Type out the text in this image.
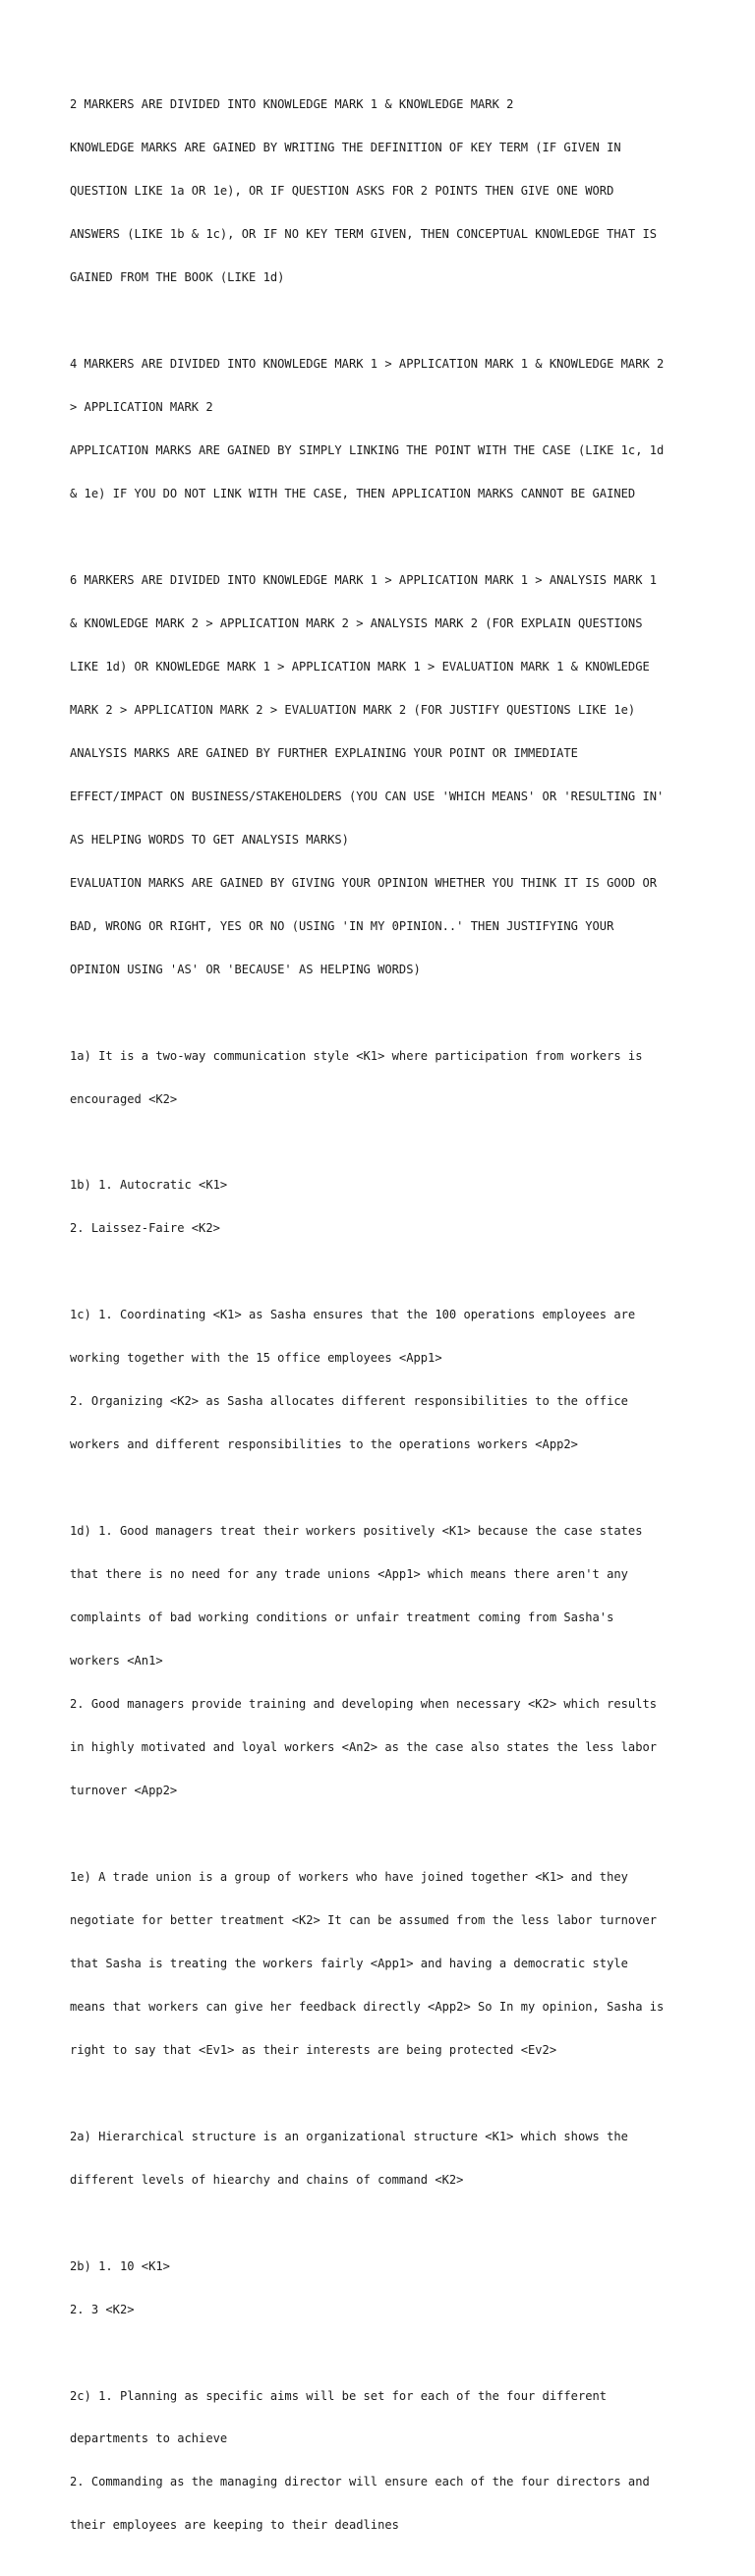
2 MARKERS ARE DIVIDED INTO KNOWLEDGE MARK 1 & KNOWLEDGE MARK 2

KNOWLEDGE MARKS ARE GAINED BY WRITING THE DEFINITION OF KEY TERM (IF GIVEN IN

QUESTION LIKE 1a OR 1e), OR IF QUESTION ASKS FOR 2 POINTS THEN GIVE ONE WORD

ANSWERS (LIKE 1b & 1c), OR IF NO KEY TERM GIVEN, THEN CONCEPTUAL KNOWLEDGE THAT IS

GAINED FROM THE BOOK (LIKE 1d)

4 MARKERS ARE DIVIDED INTO KNOWLEDGE MARK 1 > APPLICATION MARK 1 & KNOWLEDGE MARK 2

> APPLICATION MARK 2

APPLICATION MARKS ARE GAINED BY SIMPLY LINKING THE POINT WITH THE CASE (LIKE 1c, 1d

& 1e) IF YOU DO NOT LINK WITH THE CASE, THEN APPLICATION MARKS CANNOT BE GAINED

6 MARKERS ARE DIVIDED INTO KNOWLEDGE MARK 1 > APPLICATION MARK 1 > ANALYSIS MARK 1

& KNOWLEDGE MARK 2 > APPLICATION MARK 2 > ANALYSIS MARK 2 (FOR EXPLAIN QUESTIONS

LIKE 1d) OR KNOWLEDGE MARK 1 > APPLICATION MARK 1 > EVALUATION MARK 1 & KNOWLEDGE

MARK 2 > APPLICATION MARK 2 > EVALUATION MARK 2 (FOR JUSTIFY QUESTIONS LIKE 1e)

ANALYSIS MARKS ARE GAINED BY FURTHER EXPLAINING YOUR POINT OR IMMEDIATE

EFFECT/IMPACT ON BUSINESS/STAKEHOLDERS (YOU CAN USE 'WHICH MEANS' OR 'RESULTING IN'

AS HELPING WORDS TO GET ANALYSIS MARKS)

EVALUATION MARKS ARE GAINED BY GIVING YOUR OPINION WHETHER YOU THINK IT IS GOOD OR

BAD, WRONG OR RIGHT, YES OR NO (USING 'IN MY 0PINION..' THEN JUSTIFYING YOUR

OPINION USING 'AS' OR 'BECAUSE' AS HELPING WORDS)

1a) It is a two-way communication style <K1> where participation from workers is

encouraged <K2>

1b) 1. Autocratic <K1>

2. Laissez-Faire <K2>

1c) 1. Coordinating <K1> as Sasha ensures that the 100 operations employees are

working together with the 15 office employees <App1>

2. Organizing <K2> as Sasha allocates different responsibilities to the office

workers and different responsibilities to the operations workers <App2>

1d) 1. Good managers treat their workers positively <K1> because the case states

that there is no need for any trade unions <App1> which means there aren't any

complaints of bad working conditions or unfair treatment coming from Sasha's

workers <An1>

2. Good managers provide training and developing when necessary <K2> which results

in highly motivated and loyal workers <An2> as the case also states the less labor

turnover <App2>

1e) A trade union is a group of workers who have joined together <K1> and they

negotiate for better treatment <K2> It can be assumed from the less labor turnover

that Sasha is treating the workers fairly <App1> and having a democratic style

means that workers can give her feedback directly <App2> So In my opinion, Sasha is

right to say that <Ev1> as their interests are being protected <Ev2>

2a) Hierarchical structure is an organizational structure <K1> which shows the

different levels of hiearchy and chains of command <K2>

2b) 1. 10 <K1>

2. 3 <K2>

2c) 1. Planning as specific aims will be set for each of the four different

departments to achieve

2. Commanding as the managing director will ensure each of the four directors and

their employees are keeping to their deadlines
